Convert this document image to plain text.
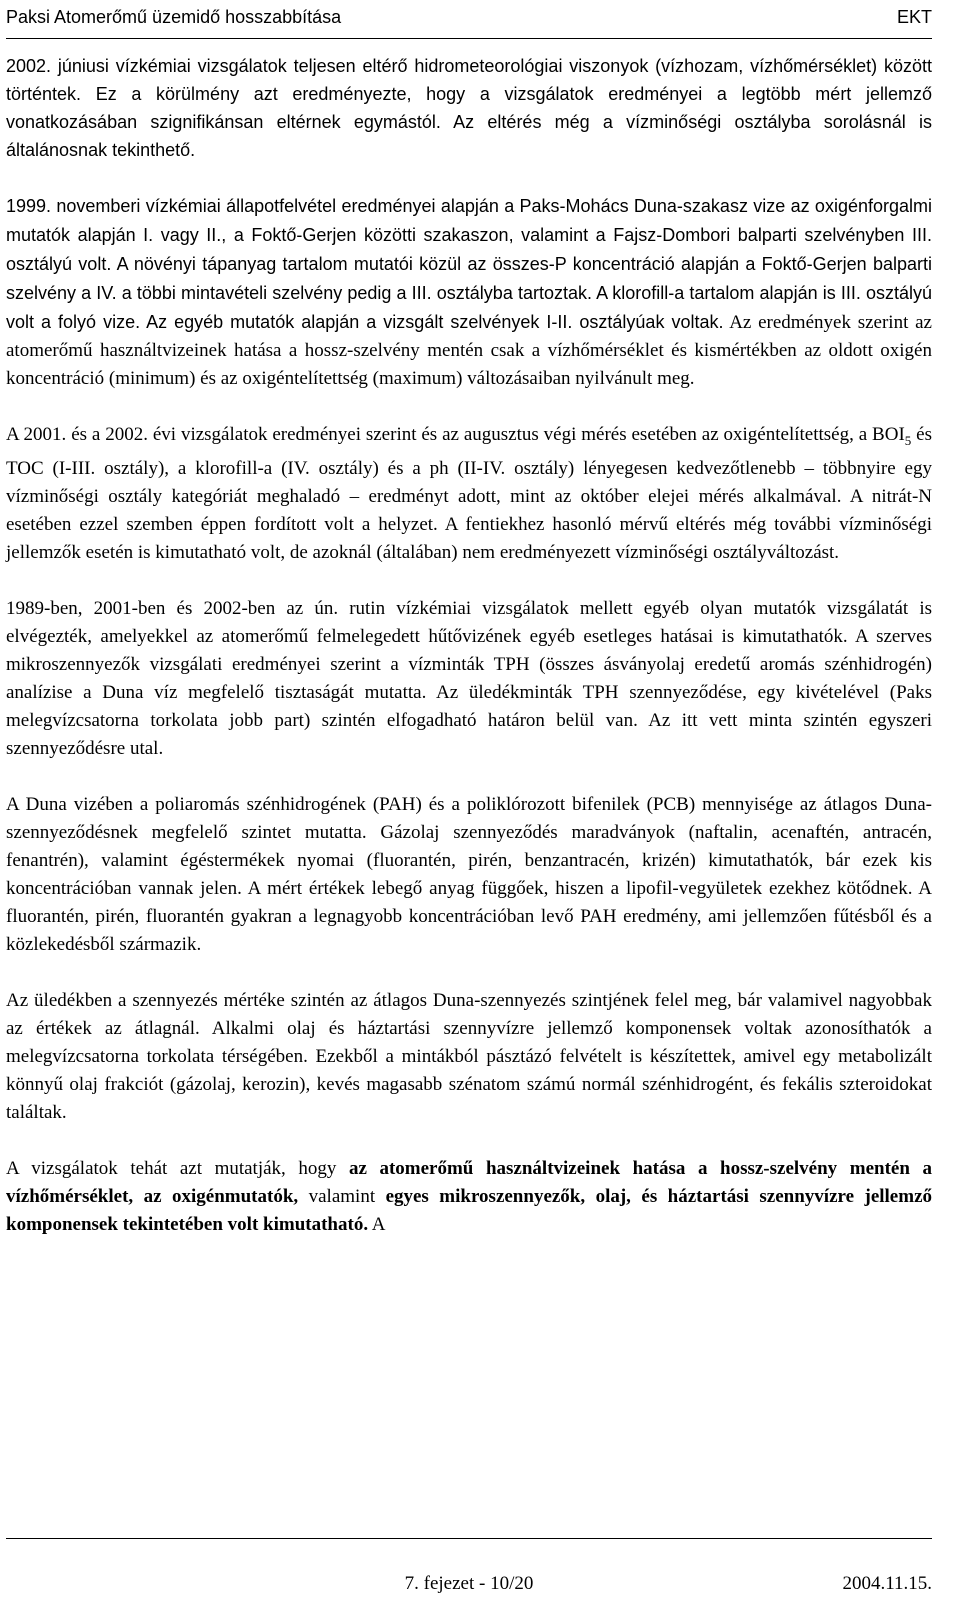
Paksi Atomerőmű üzemidő hosszabbítása	EKT

2002. júniusi vízkémiai vizsgálatok teljesen eltérő hidrometeorológiai viszonyok (vízhozam, vízhőmérséklet) között történtek. Ez a körülmény azt eredményezte, hogy a vizsgálatok eredményei a legtöbb mért jellemző vonatkozásában szignifikánsan eltérnek egymástól. Az eltérés még a vízminőségi osztályba sorolásnál is általánosnak tekinthető.

1999. novemberi vízkémiai állapotfelvétel eredményei alapján a Paks-Mohács Duna-szakasz vize az oxigénforgalmi mutatók alapján I. vagy II., a Foktő-Gerjen közötti szakaszon, valamint a Fajsz-Dombori balparti szelvényben III. osztályú volt. A növényi tápanyag tartalom mutatói közül az összes-P koncentráció alapján a Foktő-Gerjen balparti szelvény a IV. a többi mintavételi szelvény pedig a III. osztályba tartoztak. A klorofill-a tartalom alapján is III. osztályú volt a folyó vize. Az egyéb mutatók alapján a vizsgált szelvények I-II. osztályúak voltak. Az eredmények szerint az atomerőmű használtvizeinek hatása a hossz-szelvény mentén csak a vízhőmérséklet és kismértékben az oldott oxigén koncentráció (minimum) és az oxigéntelítettség (maximum) változásaiban nyilvánult meg.

A 2001. és a 2002. évi vizsgálatok eredményei szerint és az augusztus végi mérés esetében az oxigéntelítettség, a $BOI_5$ és TOC (I-III. osztály), a klorofill-a (IV. osztály) és a ph (II-IV. osztály) lényegesen kedvezőtlenebb – többnyire egy vízminőségi osztály kategóriát meghaladó – eredményt adott, mint az október elejei mérés alkalmával. A nitrát-N esetében ezzel szemben éppen fordított volt a helyzet. A fentiekhez hasonló mérvű eltérés még további vízminőségi jellemzők esetén is kimutatható volt, de azoknál (általában) nem eredményezett vízminőségi osztályváltozást.

1989-ben, 2001-ben és 2002-ben az ún. rutin vízkémiai vizsgálatok mellett egyéb olyan mutatók vizsgálatát is elvégezték, amelyekkel az atomerőmű felmelegedett hűtővizének egyéb esetleges hatásai is kimutathatók. A szerves mikroszennyezők vizsgálati eredményei szerint a vízminták TPH (összes ásványolaj eredetű aromás szénhidrogén) analízise a Duna víz megfelelő tisztaságát mutatta. Az üledékminták TPH szennyeződése, egy kivételével (Paks melegvízcsatorna torkolata jobb part) szintén elfogadható határon belül van. Az itt vett minta szintén egyszeri szennyeződésre utal.

A Duna vizében a poliaromás szénhidrogének (PAH) és a poliklórozott bifenilek (PCB) mennyisége az átlagos Duna-szennyeződésnek megfelelő szintet mutatta. Gázolaj szennyeződés maradványok (naftalin, acenaftén, antracén, fenantrén), valamint égéstermékek nyomai (fluorantén, pirén, benzantracén, krizén) kimutathatók, bár ezek kis koncentrációban vannak jelen. A mért értékek lebegő anyag függőek, hiszen a lipofil-vegyületek ezekhez kötődnek. A fluorantén, pirén, fluorantén gyakran a legnagyobb koncentrációban levő PAH eredmény, ami jellemzően fűtésből és a közlekedésből származik.

Az üledékben a szennyezés mértéke szintén az átlagos Duna-szennyezés szintjének felel meg, bár valamivel nagyobbak az értékek az átlagnál. Alkalmi olaj és háztartási szennyvízre jellemző komponensek voltak azonosíthatók a melegvízcsatorna torkolata térségében. Ezekből a mintákból pásztázó felvételt is készítettek, amivel egy metabolizált könnyű olaj frakciót (gázolaj, kerozin), kevés magasabb szénatom számú normál szénhidrogént, és fekális szteroidokat találtak.

A vizsgálatok tehát azt mutatják, hogy az atomerőmű használtvizeinek hatása a hossz-szelvény mentén a vízhőmérséklet, az oxigénmutatók, valamint egyes mikroszennyezők, olaj, és háztartási szennyvízre jellemző komponensek tekintetében volt kimutatható. A

7. fejezet - 10/20	2004.11.15.
